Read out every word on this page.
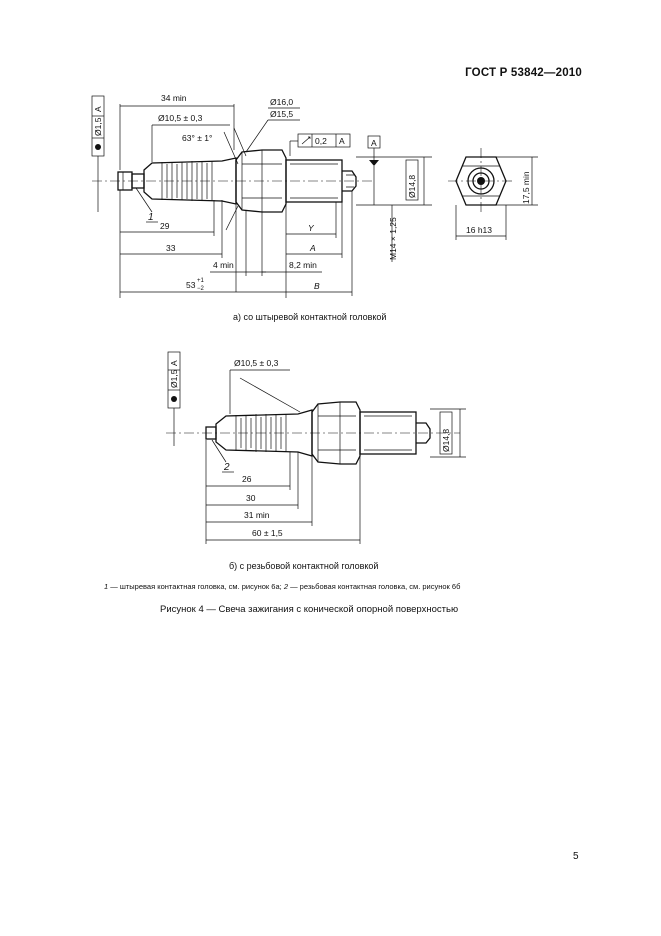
ГОСТ Р 53842—2010
Ø1,5
A
34 min
Ø10,5 ± 0,3
63° ± 1°
Ø16,0
Ø15,5
0,2 A	A
Ø14,8
M14 × 1,25
1
29
33
4 min	8,2 min
53 +1
−2
Y
A
B
17,5 min
16 h13
Ø1,5
A	Ø10,5 ± 0,3
Ø14,8
2
26
30
31 min
60 ± 1,5
а) со штыревой контактной головкой
б) с резьбовой контактной головкой
1 — штыревая контактная головка, см. рисунок 6а; 2 — резьбовая контактная головка, см. рисунок 6б
Рисунок 4 — Свеча зажигания с конической опорной поверхностью
5
